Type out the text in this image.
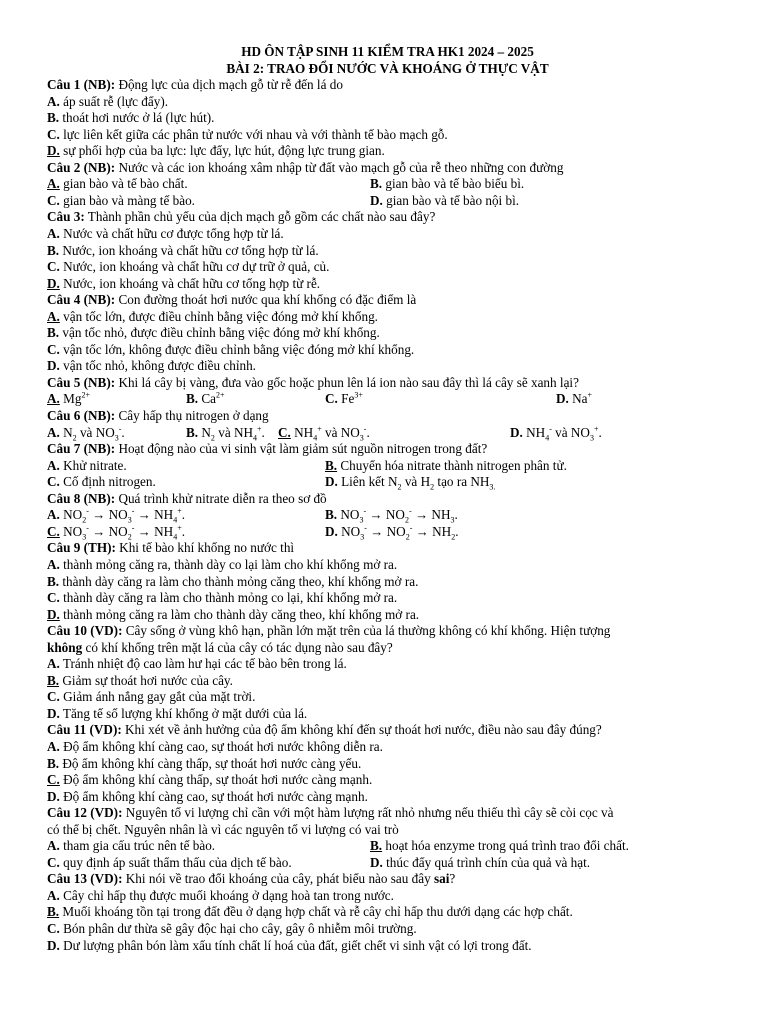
HD ÔN TẬP SINH 11 KIỂM TRA HK1 2024 – 2025
BÀI 2: TRAO ĐỔI NƯỚC VÀ KHOÁNG Ở THỰC VẬT
Câu 1 (NB): Động lực của dịch mạch gỗ từ rễ đến lá do
A. áp suất rễ (lực đẩy).
B. thoát hơi nước ở lá (lực hút).
C. lực liên kết giữa các phân tử nước với nhau và với thành tế bào mạch gỗ.
D. sự phối hợp của ba lực: lực đẩy, lực hút, động lực trung gian.
Câu 2 (NB): Nước và các ion khoáng xâm nhập từ đất vào mạch gỗ của rễ theo những con đường
A. gian bào và tế bào chất.	B. gian bào và tế bào biểu bì.
C. gian bào và màng tế bào.	D. gian bào và tế bào nội bì.
Câu 3: Thành phần chủ yếu của dịch mạch gỗ gồm các chất nào sau đây?
A. Nước và chất hữu cơ được tổng hợp từ lá.
B. Nước, ion khoáng và chất hữu cơ tổng hợp từ lá.
C. Nước, ion khoáng và chất hữu cơ dự trữ ở quả, củ.
D. Nước, ion khoáng và chất hữu cơ tổng hợp từ rễ.
Câu 4 (NB): Con đường thoát hơi nước qua khí khổng có đặc điểm là
A. vận tốc lớn, được điều chỉnh bằng việc đóng mở khí khổng.
B. vận tốc nhỏ, được điều chỉnh bằng việc đóng mở khí khổng.
C. vận tốc lớn, không được điều chỉnh bằng việc đóng mở khí khổng.
D. vận tốc nhỏ, không được điều chỉnh.
Câu 5 (NB): Khi lá cây bị vàng, đưa vào gốc hoặc phun lên lá ion nào sau đây thì lá cây sẽ xanh lại?
A. $Mg^{2+}$	B. $Ca^{2+}$	C. $Fe^{3+}$	D. Na+
Câu 6 (NB): Cây hấp thụ nitrogen ở dạng
A. $N_2$ và $NO_3^-$.	B. $N_2$ và $NH_4^+$. C. $NH_4^+$ và $NO_3^-$.	D. $NH_4^-$ và $NO_3^+$.
Câu 7 (NB): Hoạt động nào của vi sinh vật làm giảm sút nguồn nitrogen trong đất?
A. Khử nitrate.	B. Chuyển hóa nitrate thành nitrogen phân tử.
C. Cố định nitrogen.	D. Liên kết $N_2$ và $H_2$ tạo ra $NH_{3.}$
Câu 8 (NB): Quá trình khử nitrate diễn ra theo sơ đồ
A. $NO_2^- \to NO_3^- \to NH_4^+$.	B. $NO_3^- \to NO_2^- \to NH_3$.
C. $NO_3^- \to NO_2^- \to NH_4^+$.	D. $NO_3^- \to NO_2^- \to NH_2$.
Câu 9 (TH): Khi tế bào khí khổng no nước thì
A. thành mỏng căng ra, thành dày co lại làm cho khí khổng mở ra.
B. thành dày căng ra làm cho thành mỏng căng theo, khí khổng mở ra.
C. thành dày căng ra làm cho thành mỏng co lại, khí khổng mở ra.
D. thành mỏng căng ra làm cho thành dày căng theo, khí khổng mở ra.
Câu 10 (VD): Cây sống ở vùng khô hạn, phần lớn mặt trên của lá thường không có khí khổng. Hiện tượng
không có khí khổng trên mặt lá của cây có tác dụng nào sau đây?
A. Tránh nhiệt độ cao làm hư hại các tế bào bên trong lá.
B. Giảm sự thoát hơi nước của cây.
C. Giảm ánh nắng gay gắt của mặt trời.
D. Tăng tế số lượng khí khổng ở mặt dưới của lá.
Câu 11 (VD): Khi xét về ảnh hưởng của độ ẩm không khí đến sự thoát hơi nước, điều nào sau đây đúng?
A. Độ ẩm không khí càng cao, sự thoát hơi nước không diễn ra.
B. Độ ẩm không khí càng thấp, sự thoát hơi nước càng yếu.
C. Độ ẩm không khí càng thấp, sự thoát hơi nước càng mạnh.
D. Độ ẩm không khí càng cao, sự thoát hơi nước càng mạnh.
Câu 12 (VD): Nguyên tố vi lượng chỉ cần với một hàm lượng rất nhỏ nhưng nếu thiếu thì cây sẽ còi cọc và
có thể bị chết. Nguyên nhân là vì các nguyên tố vi lượng có vai trò
A. tham gia cấu trúc nên tế bào.	B. hoạt hóa enzyme trong quá trình trao đổi chất.
C. quy định áp suất thẩm thấu của dịch tế bào.	D. thúc đẩy quá trình chín của quả và hạt.
Câu 13 (VD): Khi nói về trao đổi khoáng của cây, phát biểu nào sau đây sai?
A. Cây chỉ hấp thụ được muối khoáng ở dạng hoà tan trong nước.
B. Muối khoáng tồn tại trong đất đều ở dạng hợp chất và rễ cây chỉ hấp thu dưới dạng các hợp chất.
C. Bón phân dư thừa sẽ gây độc hại cho cây, gây ô nhiễm môi trường.
D. Dư lượng phân bón làm xấu tính chất lí hoá của đất, giết chết vi sinh vật có lợi trong đất.
